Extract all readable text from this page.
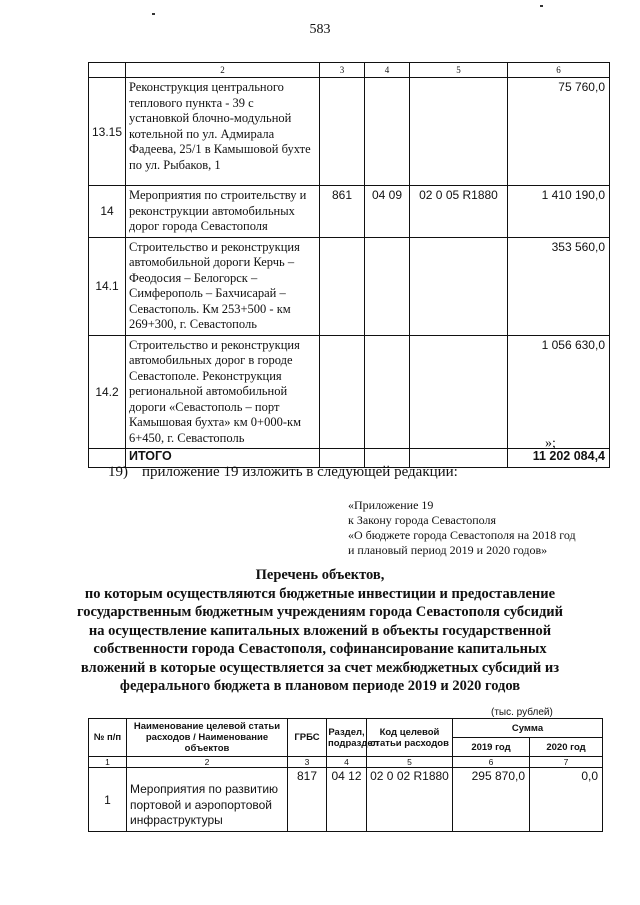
583
	2	3	4	5	6
13.15	Реконструкция центрального теплового пункта - 39 с установкой блочно-модульной котельной по ул. Адмирала Фадеева, 25/1 в Камышовой бухте по ул. Рыбаков, 1				75 760,0
14	Мероприятия по строительству и реконструкции автомобильных дорог города Севастополя	861	04 09	02 0 05 R1880	1 410 190,0
14.1	Строительство и реконструкция автомобильной дороги Керчь – Феодосия – Белогорск – Симферополь – Бахчисарай – Севастополь. Км 253+500 - км 269+300, г. Севастополь				353 560,0
14.2	Строительство и реконструкция автомобильных дорог в городе Севастополе. Реконструкция региональной автомобильной дороги «Севастополь – порт Камышовая бухта» км 0+000-км 6+450, г. Севастополь				1 056 630,0
	ИТОГО				11 202 084,4
»;
19) приложение 19 изложить в следующей редакции:
«Приложение 19
к Закону города Севастополя
«О бюджете города Севастополя на 2018 год
и плановый период 2019 и 2020 годов»
Перечень объектов,
по которым осуществляются бюджетные инвестиции и предоставление
государственным бюджетным учреждениям города Севастополя субсидий
на осуществление капитальных вложений в объекты государственной
собственности города Севастополя, софинансирование капитальных
вложений в которые осуществляется за счет межбюджетных субсидий из
федерального бюджета в плановом периоде 2019 и 2020 годов
(тыс. рублей)
№ п/п	Наименование целевой статьи расходов / Наименование объектов	ГРБС	Раздел, подраздел	Код целевой статьи расходов	Сумма	
					2019 год	2020 год
1	2	3	4	5	6	7
1	Мероприятия по развитию портовой и аэропортовой инфраструктуры	817	04 12	02 0 02 R1880	295 870,0	0,0
